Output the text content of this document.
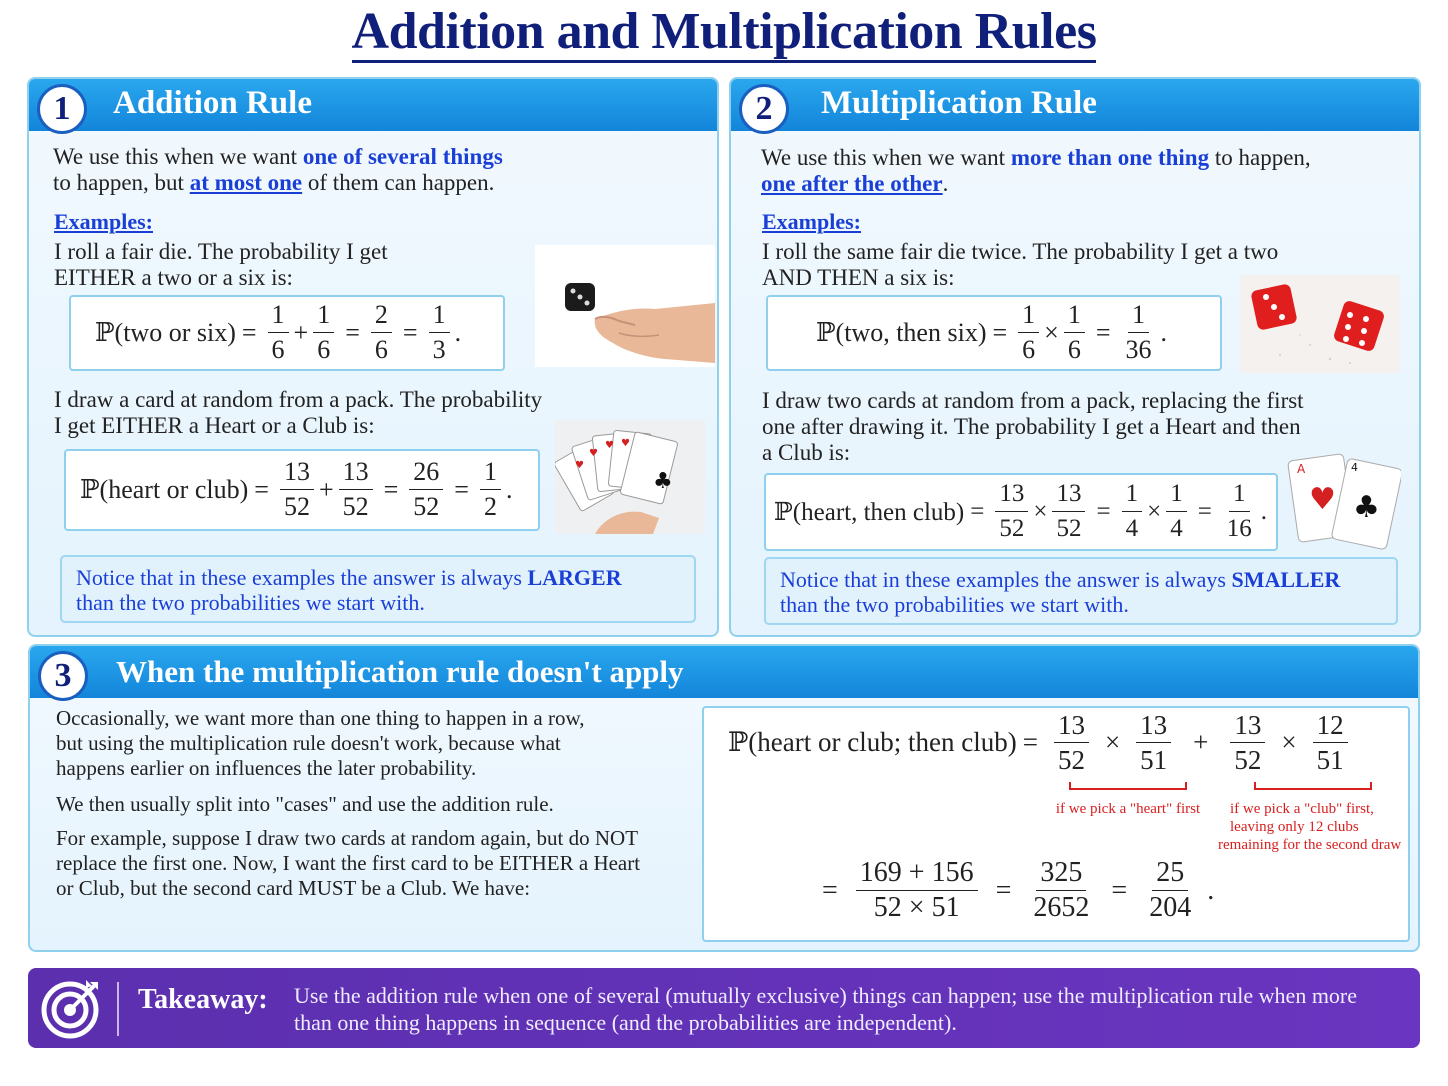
Addition and Multiplication Rules
1	Addition Rule
We use this when we want one of several things
to happen, but at most one of them can happen.
Examples:
I roll a fair die. The probability I get
EITHER a two or a six is:
ℙ(two or $six) = \frac{1}{6} + \frac{1}{6} = \frac{2}{6} = \frac{1}{3}$ .
I draw a card at random from a pack. The probability
I get EITHER a Heart or a Club is:
ℙ(heart or club) = $\frac{13}{52} + \frac{13}{52} = \frac{26}{52} = \frac{1}{2}$ .
♥
♥
♥ ♥
♣
Notice that in these examples the answer is always LARGER
than the two probabilities we start with.
2	Multiplication Rule
We use this when we want more than one thing to happen,
one after the other.
Examples:
I roll the same fair die twice. The probability I get a two
AND THEN a six is:
ℙ(two, then $six) = \frac{1}{6} \times \frac{1}{6} = \frac{1}{36}$ .
I draw two cards at random from a pack, replacing the first
one after drawing it. The probability I get a Heart and then
a Club is:
ℙ(heart, then club) = $\frac{13}{52} \times \frac{13}{52} = \frac{1}{4} \times \frac{1}{4} = \frac{1}{16}$ .
A
♥
4
♣
Notice that in these examples the answer is always SMALLER
than the two probabilities we start with.
3	When the multiplication rule doesn't apply
Occasionally, we want more than one thing to happen in a row,
but using the multiplication rule doesn't work, because what
happens earlier on influences the later probability.
We then usually split into "cases" and use the addition rule.
For example, suppose I draw two cards at random again, but do NOT
replace the first one. Now, I want the first card to be EITHER a Heart
or Club, but the second card MUST be a Club. We have:
ℙ(heart or club; then club) = $\frac{13}{52} \times \frac{13}{51} + \frac{13}{52} \times \frac{12}{51}$
if we pick a "heart" first	if we pick a "club" first,
leaving only 12 clubs
remaining for the second draw
= $\frac{169 + 156}{52 \times 51} = \frac{325}{2652} = \frac{25}{204}$ .
Takeaway: Use the addition rule when one of several (mutually exclusive) things can happen; use the multiplication rule when more than one thing happens in sequence (and the probabilities are independent).
